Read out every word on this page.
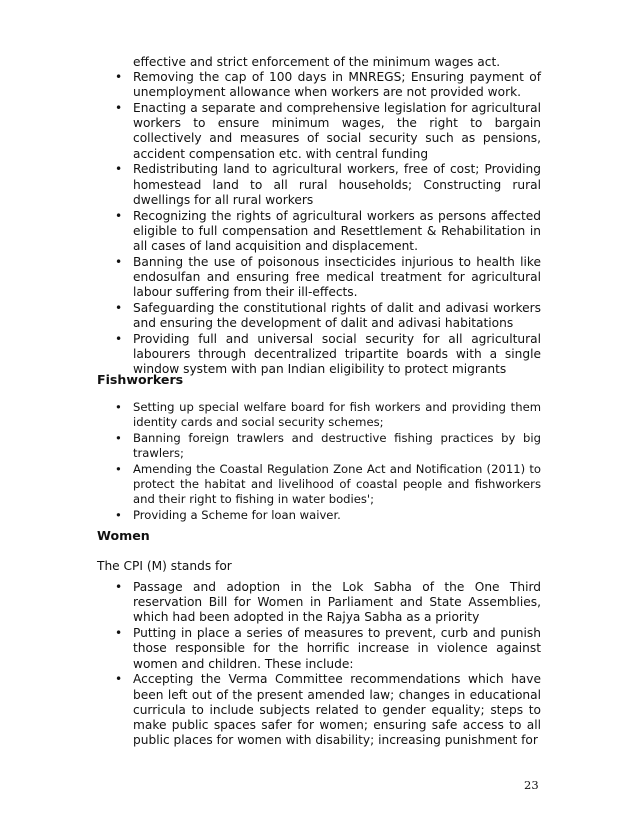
effective and strict enforcement of the minimum wages act.

• Removing the cap of 100 days in MNREGS; Ensuring payment of unemployment allowance when workers are not provided work.
• Enacting a separate and comprehensive legislation for agricultural workers to ensure minimum wages, the right to bargain collectively and measures of social security such as pensions, accident compensation etc. with central funding
• Redistributing land to agricultural workers, free of cost; Providing homestead land to all rural households; Constructing rural dwellings for all rural workers
• Recognizing the rights of agricultural workers as persons affected eligible to full compensation and Resettlement & Rehabilitation in all cases of land acquisition and displacement.
• Banning the use of poisonous insecticides injurious to health like endosulfan and ensuring free medical treatment for agricultural labour suffering from their ill-effects.
• Safeguarding the constitutional rights of dalit and adivasi workers and ensuring the development of dalit and adivasi habitations
• Providing full and universal social security for all agricultural labourers through decentralized tripartite boards with a single window system with pan Indian eligibility to protect migrants
Fishworkers
• Setting up special welfare board for fish workers and providing them identity cards and social security schemes;
• Banning foreign trawlers and destructive fishing practices by big trawlers;
• Amending the Coastal Regulation Zone Act and Notification (2011) to protect the habitat and livelihood of coastal people and fishworkers and their right to fishing in water bodies';
• Providing a Scheme for loan waiver.
Women

The CPI (M) stands for

• Passage and adoption in the Lok Sabha of the One Third reservation Bill for Women in Parliament and State Assemblies, which had been adopted in the Rajya Sabha as a priority
• Putting in place a series of measures to prevent, curb and punish those responsible for the horrific increase in violence against women and children. These include:
• Accepting the Verma Committee recommendations which have been left out of the present amended law; changes in educational curricula to include subjects related to gender equality; steps to make public spaces safer for women; ensuring safe access to all public places for women with disability; increasing punishment for

23
